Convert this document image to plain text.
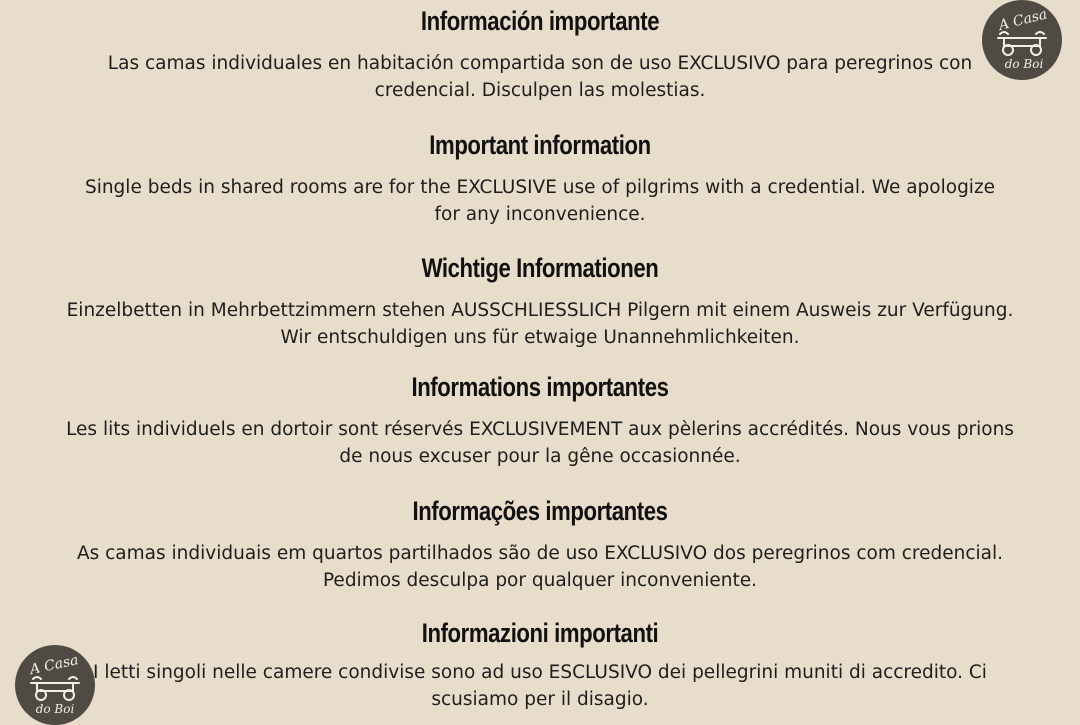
Información importante

Las camas individuales en habitación compartida son de uso EXCLUSIVO para peregrinos con credencial. Disculpen las molestias.

Important information

Single beds in shared rooms are for the EXCLUSIVE use of pilgrims with a credential. We apologize for any inconvenience.

Wichtige Informationen

Einzelbetten in Mehrbettzimmern stehen AUSSCHLIESSLICH Pilgern mit einem Ausweis zur Verfügung. Wir entschuldigen uns für etwaige Unannehmlichkeiten.

Informations importantes

Les lits individuels en dortoir sont réservés EXCLUSIVEMENT aux pèlerins accrédités. Nous vous prions de nous excuser pour la gêne occasionnée.

Informações importantes

As camas individuais em quartos partilhados são de uso EXCLUSIVO dos peregrinos com credencial. Pedimos desculpa por qualquer inconveniente.

Informazioni importanti

I letti singoli nelle camere condivise sono ad uso ESCLUSIVO dei pellegrini muniti di accredito. Ci scusiamo per il disagio.

A Casa
do Boi
A Casa
do Boi
